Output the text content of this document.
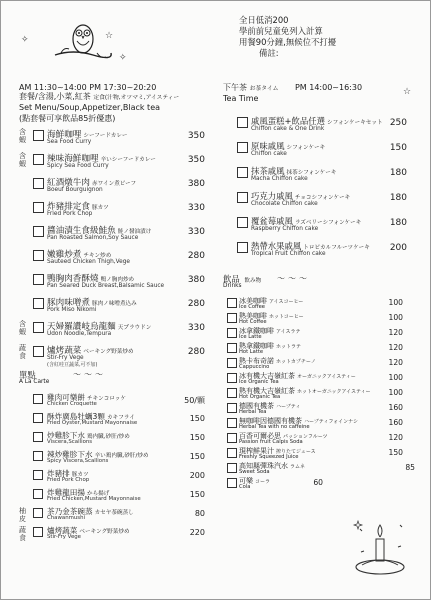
✧	☆
✧
☆
全日低消200
學前前兒童免列入計算
用餐90分鐘,無候位不打擾
備註:
AM 11:30~14:00 PM 17:30~20:20
套餐/含湯,小菜,紅茶 定食(汁物,オツマミ,アイスティー
Set Menu/Soup,Appetizer,Black tea
(點套餐可享飲品85折優惠)
含蝦	海鮮咖哩 シーフードカレー
Sea Food Curry
350
含蝦	辣味海鮮咖哩 辛いシーフードカレー
Spicy Sea Food Curry
350
紅酒燉牛肉 赤ワイン煮ビーフ
Boeuf Bourguignon
380
炸豬排定食 豚カツ
Fried Pork Chop
330
醬油漬生食級鮭魚 鮭ノ醤油漬け
Pan Roasted Salmon,Soy Sauce
330
嫩雞炒煮 チキン炒め
Sauteed Chicken Thigh,Vege
280
鴨胸肉香酥燒 鴨ノ胸肉炒め
Pan Seared Duck Breast,Balsamic Sauce
380
豚肉味噌煮 豚肉ノ味噌煮込み
Pork Miso Nikomi
280
含蝦	天婦羅讚岐烏龍麵 天プラウドン
Udon Noodle,Tempura
330
蔬食	爐烤蔬菜 ベーキング野菜炒め
Stir-Fry Vege
(含紅哇豆蔬菜,可不加)
280
單點	〜〜〜
A La Carte
雞肉可樂餅 チキンコロッケ
Chicken Croquette	50/顆
酥炸廣島牡蠣3顆 カキフライ
Fried Oyster,Mustard Mayonnaise	150
炒雞胗下水 鶏内臓,砂肝/炒め
Viscera,Scallions	150
辣炒雞胗下水 辛い鶏内臓,砂肝/炒め
Spicy Viscera,Scallions	150
炸豬排 豚カツ
Fried Pork Chop	200
炸雞龍田揚 から揚げ
Fried Chicken,Mustard Mayonnaise	150
柚皮
茶乃金茶碗蒸 カセヤ茶碗蒸し
Chawanmushi	80
蔬食
爐烤蔬菜 ベーキング野菜炒め
Stir-Fry Vege	220
下午茶 お茶タイム PM 14:00~16:30
Tea Time
戚風蛋糕+飲品任選 シフォンケーキセット
Chiffon cake & One Drink
250
原味戚風 シフォンケーキ
Chiffon cake
150
抹茶戚風 抹茶シフォンケーキ
Macha Chiffon cake
180
巧克力戚風 チョコシフォンケーキ
Chocolate Chiffon cake
180
覆盆莓戚風 ラズベリーシフォンケーキ
Raspberry Chiffon cake
180
熱帶水果戚風 トロピカルフルーツケーキ
Tropical Fruit Chiffon cake
200
飲品 飲み物 〜〜〜
Drinks
冰美咖啡 アイスコーヒー
Ice Coffee	100
熱美咖啡 ホットコーヒー
Hot Coffee	100
冰拿鐵咖啡 アイスラテ
Ice Latte	120
熱拿鐵咖啡 ホットラテ
Hot Latte	120
熱卡布奇諾 ホットカプチーノ
Cappuccino	120
冰有機大吉嶺紅茶 オーガニックアイスティー
Ice Organic Tea	100
熱有機大吉嶺紅茶 ホットオーガニックアイスティー
Hot Organic Tea	100
德國有機茶 ハーブティ
Herbal Tea	160
無咖啡因德國有機茶 ハーブティフォインナシ
Herbal Tea with no caffeine	160
百香可爾必思 パッションフルーツ
Passion fruit Calpis Soda	120
現榨鮮果汁 搾りたてジュース
Freshly Squeezed Juice	150
高知縣彈珠汽水 ラムネ
Sweet Soda	85
可樂 コーラ
Cola	60
